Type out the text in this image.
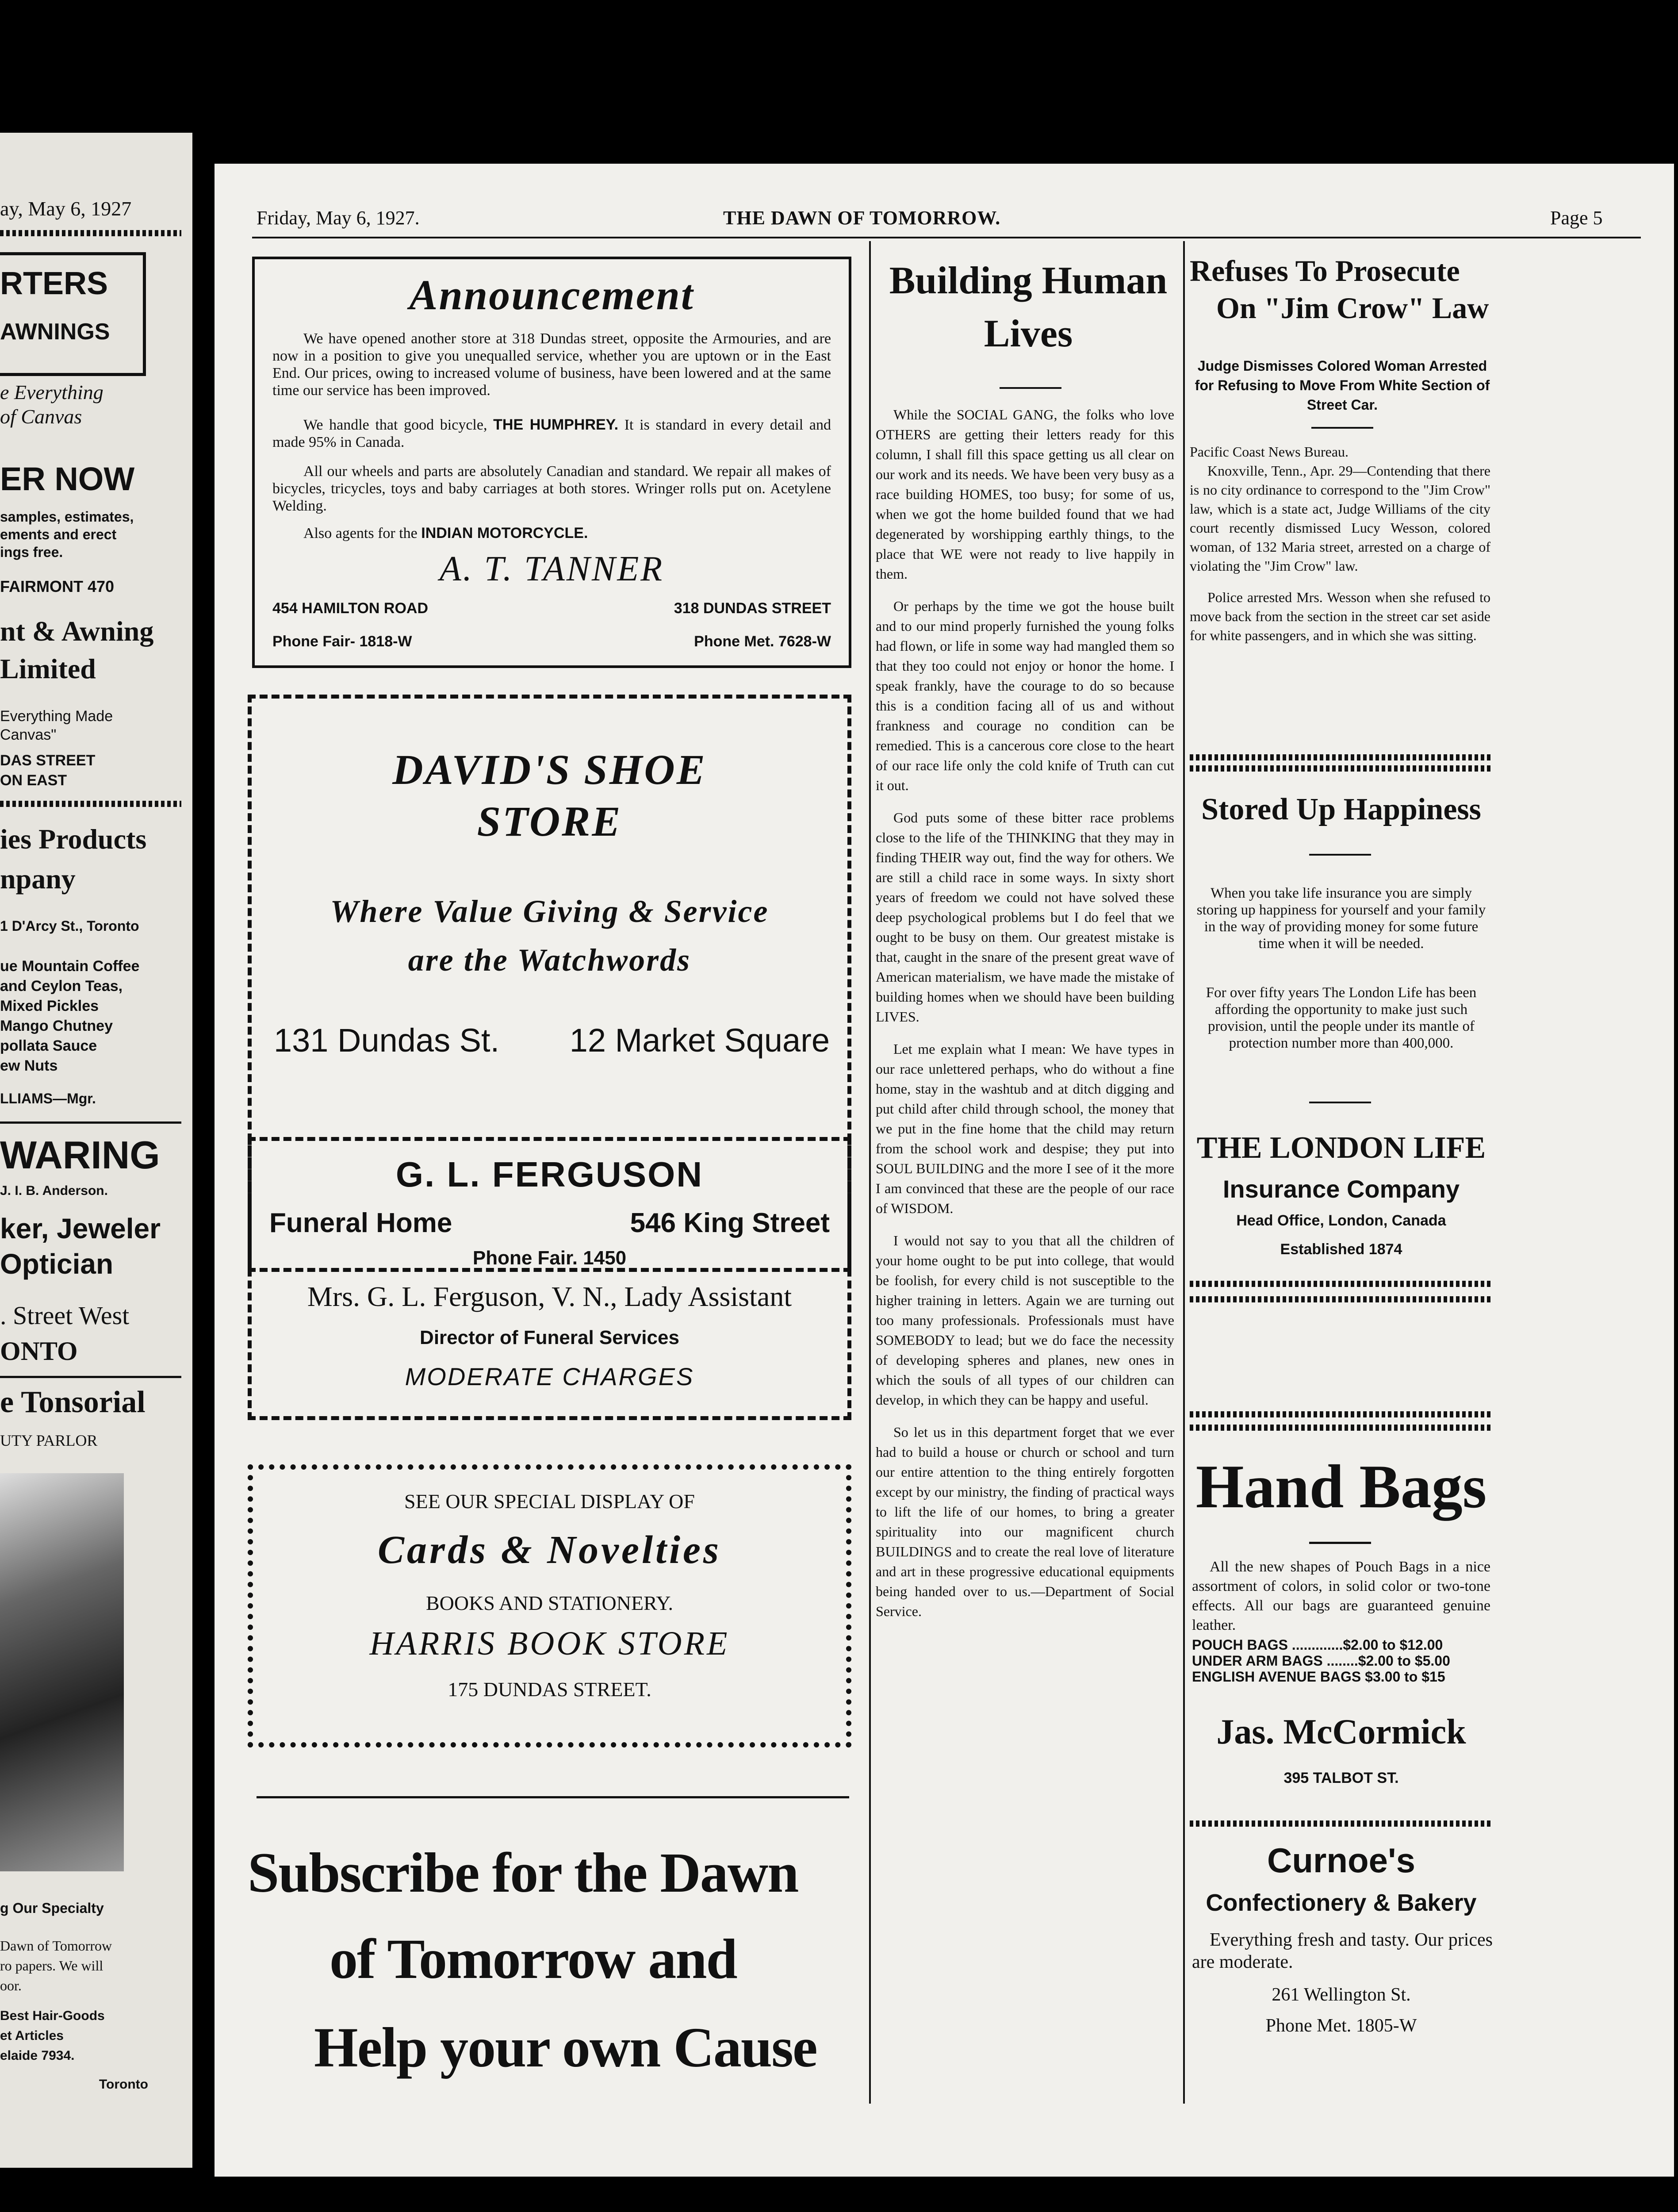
ay, May 6, 1927
RTERS
AWNINGS
e Everything
of Canvas
ER NOW
samples, estimates,
ements and erect
ings free.
FAIRMONT 470
nt & Awning
Limited
Everything Made
Canvas"
DAS STREET
ON EAST
ies Products
npany
1 D'Arcy St., Toronto
ue Mountain Coffee
and Ceylon Teas,
Mixed Pickles
Mango Chutney
pollata Sauce
ew Nuts
LLIAMS—Mgr.
WARING
J. I. B. Anderson.
ker, Jeweler
Optician
. Street West
ONTO
e Tonsorial
UTY PARLOR
g Our Specialty
Dawn of Tomorrow
ro papers. We will
oor.
Best Hair-Goods
et Articles
elaide 7934.
Toronto
Friday, May 6, 1927.	THE DAWN OF TOMORROW.	Page 5
Announcement
We have opened another store at 318 Dundas street, opposite the Armouries, and are now in a position to give you unequalled service, whether you are uptown or in the East End. Our prices, owing to increased volume of business, have been lowered and at the same time our service has been improved.
We handle that good bicycle, THE HUMPHREY. It is standard in every detail and made 95% in Canada.
All our wheels and parts are absolutely Canadian and standard. We repair all makes of bicycles, tricycles, toys and baby carriages at both stores. Wringer rolls put on. Acetylene Welding.
Also agents for the INDIAN MOTORCYCLE.
A. T. TANNER
454 HAMILTON ROAD	318 DUNDAS STREET
Phone Fair- 1818-W	Phone Met. 7628-W
DAVID'S SHOE
STORE
Where Value Giving & Service
are the Watchwords
131 Dundas St. 12 Market Square
G. L. FERGUSON
Funeral Home	546 King Street
Phone Fair. 1450
Mrs. G. L. Ferguson, V. N., Lady Assistant
Director of Funeral Services
MODERATE CHARGES
SEE OUR SPECIAL DISPLAY OF
Cards & Novelties
BOOKS AND STATIONERY.
HARRIS BOOK STORE
175 DUNDAS STREET.
Subscribe for the Dawn
of Tomorrow and
Help your own Cause
Building Human
Lives

While the SOCIAL GANG, the folks who love OTHERS are getting their letters ready for this column, I shall fill this space getting us all clear on our work and its needs. We have been very busy as a race building HOMES, too busy; for some of us, when we got the home builded found that we had degenerated by worshipping earthly things, to the place that WE were not ready to live happily in them.

Or perhaps by the time we got the house built and to our mind properly furnished the young folks had flown, or life in some way had mangled them so that they too could not enjoy or honor the home. I speak frankly, have the courage to do so because this is a condition facing all of us and without frankness and courage no condition can be remedied. This is a cancerous core close to the heart of our race life only the cold knife of Truth can cut it out.

God puts some of these bitter race problems close to the life of the THINKING that they may in finding THEIR way out, find the way for others. We are still a child race in some ways. In sixty short years of freedom we could not have solved these deep psychological problems but I do feel that we ought to be busy on them. Our greatest mistake is that, caught in the snare of the present great wave of American materialism, we have made the mistake of building homes when we should have been building LIVES.

Let me explain what I mean: We have types in our race unlettered perhaps, who do without a fine home, stay in the washtub and at ditch digging and put child after child through school, the money that we put in the fine home that the child may return from the school work and despise; they put into SOUL BUILDING and the more I see of it the more I am convinced that these are the people of our race of WISDOM.

I would not say to you that all the children of your home ought to be put into college, that would be foolish, for every child is not susceptible to the higher training in letters. Again we are turning out too many professionals. Professionals must have SOMEBODY to lead; but we do face the necessity of developing spheres and planes, new ones in which the souls of all types of our children can develop, in which they can be happy and useful.

So let us in this department forget that we ever had to build a house or church or school and turn our entire attention to the thing entirely forgotten except by our ministry, the finding of practical ways to lift the life of our homes, to bring a greater spirituality into our magnificent church BUILDINGS and to create the real love of literature and art in these progressive educational equipments being handed over to us.—Department of Social Service.

Refuses To Prosecute
On "Jim Crow" Law
Judge Dismisses Colored Woman Arrested for Refusing to Move From White Section of Street Car.

Pacific Coast News Bureau.

Knoxville, Tenn., Apr. 29—Contending that there is no city ordinance to correspond to the "Jim Crow" law, which is a state act, Judge Williams of the city court recently dismissed Lucy Wesson, colored woman, of 132 Maria street, arrested on a charge of violating the "Jim Crow" law.

Police arrested Mrs. Wesson when she refused to move back from the section in the street car set aside for white passengers, and in which she was sitting.

Stored Up Happiness
When you take life insurance you are simply storing up happiness for yourself and your family in the way of providing money for some future time when it will be needed.
For over fifty years The London Life has been affording the opportunity to make just such provision, until the people under its mantle of protection number more than 400,000.
THE LONDON LIFE
Insurance Company
Head Office, London, Canada
Established 1874
Hand Bags
All the new shapes of Pouch Bags in a nice assortment of colors, in solid color or two-tone effects. All our bags are guaranteed genuine leather.
POUCH BAGS .............$2.00 to $12.00
UNDER ARM BAGS ........$2.00 to $5.00
ENGLISH AVENUE BAGS $3.00 to $15
Jas. McCormick
395 TALBOT ST.
Curnoe's
Confectionery & Bakery
Everything fresh and tasty. Our prices are moderate.
261 Wellington St.
Phone Met. 1805-W
